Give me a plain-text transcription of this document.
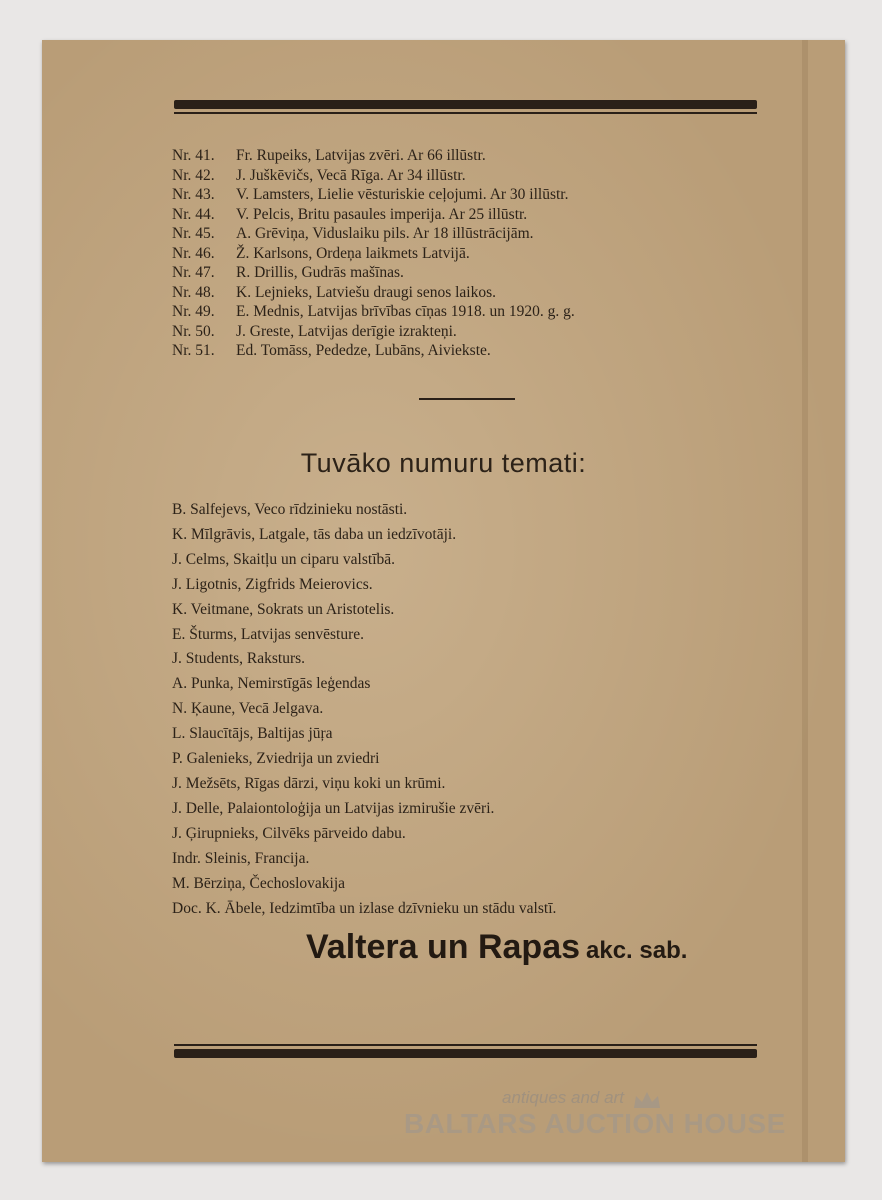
Nr. 41. Fr. Rupeiks, Latvijas zvēri. Ar 66 illūstr.
Nr. 42. J. Juškēvičs, Vecā Rīga. Ar 34 illūstr.
Nr. 43. V. Lamsters, Lielie vēsturiskie ceļojumi. Ar 30 illūstr.
Nr. 44. V. Pelcis, Britu pasaules imperija. Ar 25 illūstr.
Nr. 45. A. Grēviņa, Viduslaiku pils. Ar 18 illūstrācijām.
Nr. 46. Ž. Karlsons, Ordeņa laikmets Latvijā.
Nr. 47. R. Drillis, Gudrās mašīnas.
Nr. 48. K. Lejnieks, Latviešu draugi senos laikos.
Nr. 49. E. Mednis, Latvijas brīvības cīņas 1918. un 1920. g. g.
Nr. 50. J. Greste, Latvijas derīgie izrakteņi.
Nr. 51. Ed. Tomāss, Pededze, Lubāns, Aiviekste.
Tuvāko numuru temati:
B. Salfejevs, Veco rīdzinieku nostāsti.
K. Mīlgrāvis, Latgale, tās daba un iedzīvotāji.
J. Celms, Skaitļu un ciparu valstībā.
J. Ligotnis, Zigfrids Meierovics.
K. Veitmane, Sokrats un Aristotelis.
E. Šturms, Latvijas senvēsture.
J. Students, Raksturs.
A. Punka, Nemirstīgās leģendas
N. Ķaune, Vecā Jelgava.
L. Slaucītājs, Baltijas jūŗa
P. Galenieks, Zviedrija un zviedri
J. Mežsēts, Rīgas dārzi, viņu koki un krūmi.
J. Delle, Palaiontoloģija un Latvijas izmirušie zvēri.
J. Ģirupnieks, Cilvēks pārveido dabu.
Indr. Sleinis, Francija.
M. Bērziņa, Čechoslovakija
Doc. K. Ābele, Iedzimtība un izlase dzīvnieku un stādu valstī.
Valtera un Rapas akc. sab.
antiques and art
BALTARS AUCTION HOUSE
